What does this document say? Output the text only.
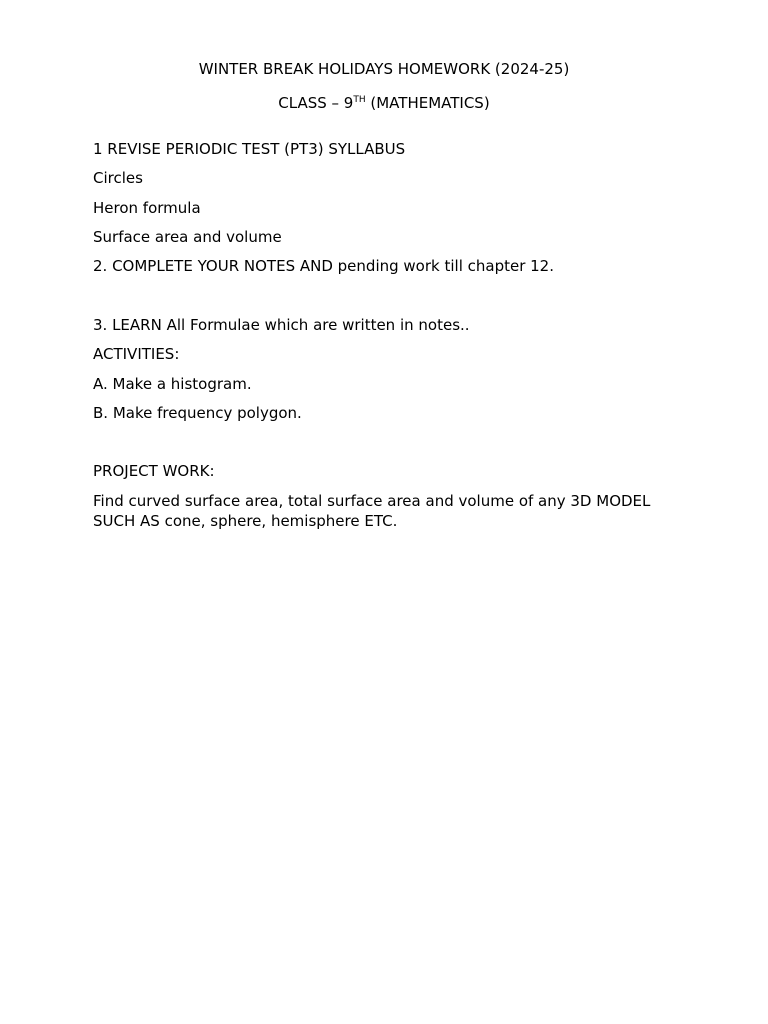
WINTER BREAK HOLIDAYS HOMEWORK (2024-25)
CLASS – 9TH (MATHEMATICS)
1 REVISE PERIODIC TEST (PT3) SYLLABUS
Circles
Heron formula
Surface area and volume
2. COMPLETE YOUR NOTES AND pending work till chapter 12.
3. LEARN All Formulae which are written in notes..
ACTIVITIES:
A. Make a histogram.
B. Make frequency polygon.
PROJECT WORK:
Find curved surface area, total surface area and volume of any 3D MODEL SUCH AS cone, sphere, hemisphere ETC.
